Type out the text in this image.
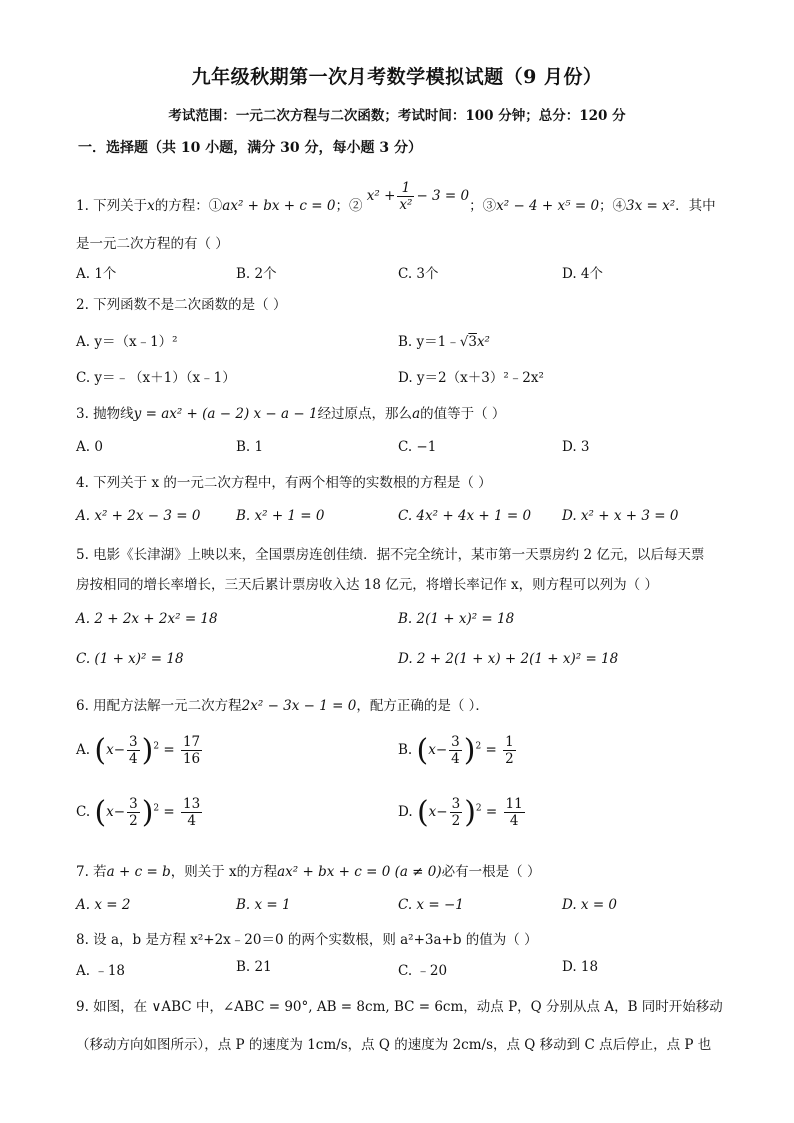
九年级秋期第一次月考数学模拟试题（9 月份）
考试范围：一元二次方程与二次函数；考试时间：100 分钟；总分：120 分
一．选择题（共 10 小题，满分 30 分，每小题 3 分）
1. 下列关于x的方程：①ax² + bx + c = 0；② $x^2 + \frac{1}{\text{x²}} - 3 = 0$；③x² − 4 + x⁵ = 0；④3x = x²．其中
是一元二次方程的有（ ）
A. 1个	B. 2个	C. 3个	D. 4个
2. 下列函数不是二次函数的是（ ）
A. y＝（x﹣1）²	B. y＝1﹣√3x²
C. y＝﹣（x＋1）（x﹣1）	D. y＝2（x＋3）²﹣2x²
3. 抛物线y = ax² + (a − 2) x − a − 1经过原点，那么a的值等于（ ）
A. 0	B. 1	C. −1	D. 3
4. 下列关于 x 的一元二次方程中，有两个相等的实数根的方程是（ ）
A. x² + 2x − 3 = 0	B. x² + 1 = 0	C. 4x² + 4x + 1 = 0 D. x² + x + 3 = 0
5. 电影《长津湖》上映以来，全国票房连创佳绩．据不完全统计，某市第一天票房约 2 亿元，以后每天票
房按相同的增长率增长，三天后累计票房收入达 18 亿元，将增长率记作 x，则方程可以列为（ ）
A. 2 + 2x + 2x² = 18	B. 2(1 + x)² = 18
C. (1 + x)² = 18	D. 2 + 2(1 + x) + 2(1 + x)² = 18
6. 用配方法解一元二次方程2x² − 3x − 1 = 0，配方正确的是（ ）．
A. $(x- \frac{3}{4} )^2 = \frac{17}{16}$	B. $(x- \frac{3}{4} )^2 = \frac{1}{2}$
C. $(x- \frac{3}{2} )^2 = \frac{13}{4}$	D. $(x- \frac{3}{2} )^2 = \frac{11}{4}$
7. 若a + c = b，则关于 x的方程ax² + bx + c = 0 (a ≠ 0)必有一根是（ ）
A. x = 2	B. x = 1	C. x = −1	D. x = 0
8. 设 a，b 是方程 x²+2x﹣20＝0 的两个实数根，则 a²+3a+b 的值为（ ）
A. ﹣18	B. 21	C. ﹣20	D. 18
9. 如图，在 ∨ABC 中，∠ABC = 90°, AB = 8cm, BC = 6cm，动点 P，Q 分别从点 A，B 同时开始移动
（移动方向如图所示），点 P 的速度为 1cm/s，点 Q 的速度为 2cm/s，点 Q 移动到 C 点后停止，点 P 也
